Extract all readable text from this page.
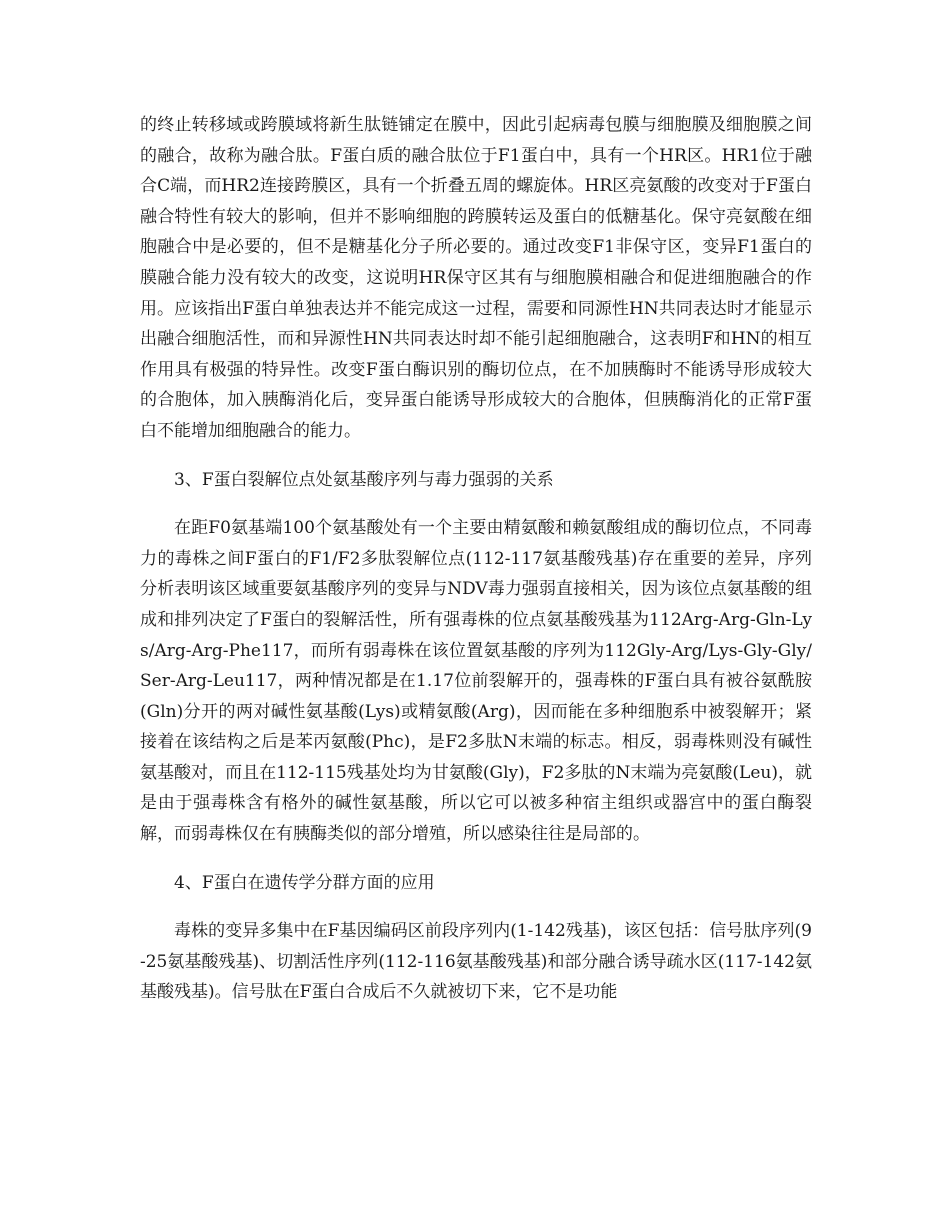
的终止转移域或跨膜域将新生肽链铺定在膜中，因此引起病毒包膜与细胞膜及细胞膜之间的融合，故称为融合肽。F蛋白质的融合肽位于F1蛋白中，具有一个HR区。HR1位于融合C端，而HR2连接跨膜区，具有一个折叠五周的螺旋体。HR区亮氨酸的改变对于F蛋白融合特性有较大的影响，但并不影响细胞的跨膜转运及蛋白的低糖基化。保守亮氨酸在细胞融合中是必要的，但不是糖基化分子所必要的。通过改变F1非保守区，变异F1蛋白的膜融合能力没有较大的改变，这说明HR保守区其有与细胞膜相融合和促进细胞融合的作用。应该指出F蛋白单独表达并不能完成这一过程，需要和同源性HN共同表达时才能显示出融合细胞活性，而和异源性HN共同表达时却不能引起细胞融合，这表明F和HN的相互作用具有极强的特异性。改变F蛋白酶识别的酶切位点，在不加胰酶时不能诱导形成较大的合胞体，加入胰酶消化后，变异蛋白能诱导形成较大的合胞体，但胰酶消化的正常F蛋白不能增加细胞融合的能力。

3、F蛋白裂解位点处氨基酸序列与毒力强弱的关系

在距F0氨基端100个氨基酸处有一个主要由精氨酸和赖氨酸组成的酶切位点，不同毒力的毒株之间F蛋白的F1/F2多肽裂解位点(112-117氨基酸残基)存在重要的差异，序列分析表明该区域重要氨基酸序列的变异与NDV毒力强弱直接相关，因为该位点氨基酸的组成和排列决定了F蛋白的裂解活性，所有强毒株的位点氨基酸残基为112Arg-Arg-Gln-Lys/Arg-Arg-Phe117，而所有弱毒株在该位置氨基酸的序列为112Gly-Arg/Lys-Gly-Gly/Ser-Arg-Leu117，两种情况都是在1.17位前裂解开的，强毒株的F蛋白具有被谷氨酰胺(Gln)分开的两对碱性氨基酸(Lys)或精氨酸(Arg)，因而能在多种细胞系中被裂解开；紧接着在该结构之后是苯丙氨酸(Phc)，是F2多肽N末端的标志。相反，弱毒株则没有碱性氨基酸对，而且在112-115残基处均为甘氨酸(Gly)，F2多肽的N末端为亮氨酸(Leu)，就是由于强毒株含有格外的碱性氨基酸，所以它可以被多种宿主组织或器宫中的蛋白酶裂解，而弱毒株仅在有胰酶类似的部分增殖，所以感染往往是局部的。

4、F蛋白在遗传学分群方面的应用

毒株的变异多集中在F基因编码区前段序列内(1-142残基)，该区包括：信号肽序列(9-25氨基酸残基)、切割活性序列(112-116氨基酸残基)和部分融合诱导疏水区(117-142氨基酸残基)。信号肽在F蛋白合成后不久就被切下来，它不是功能
